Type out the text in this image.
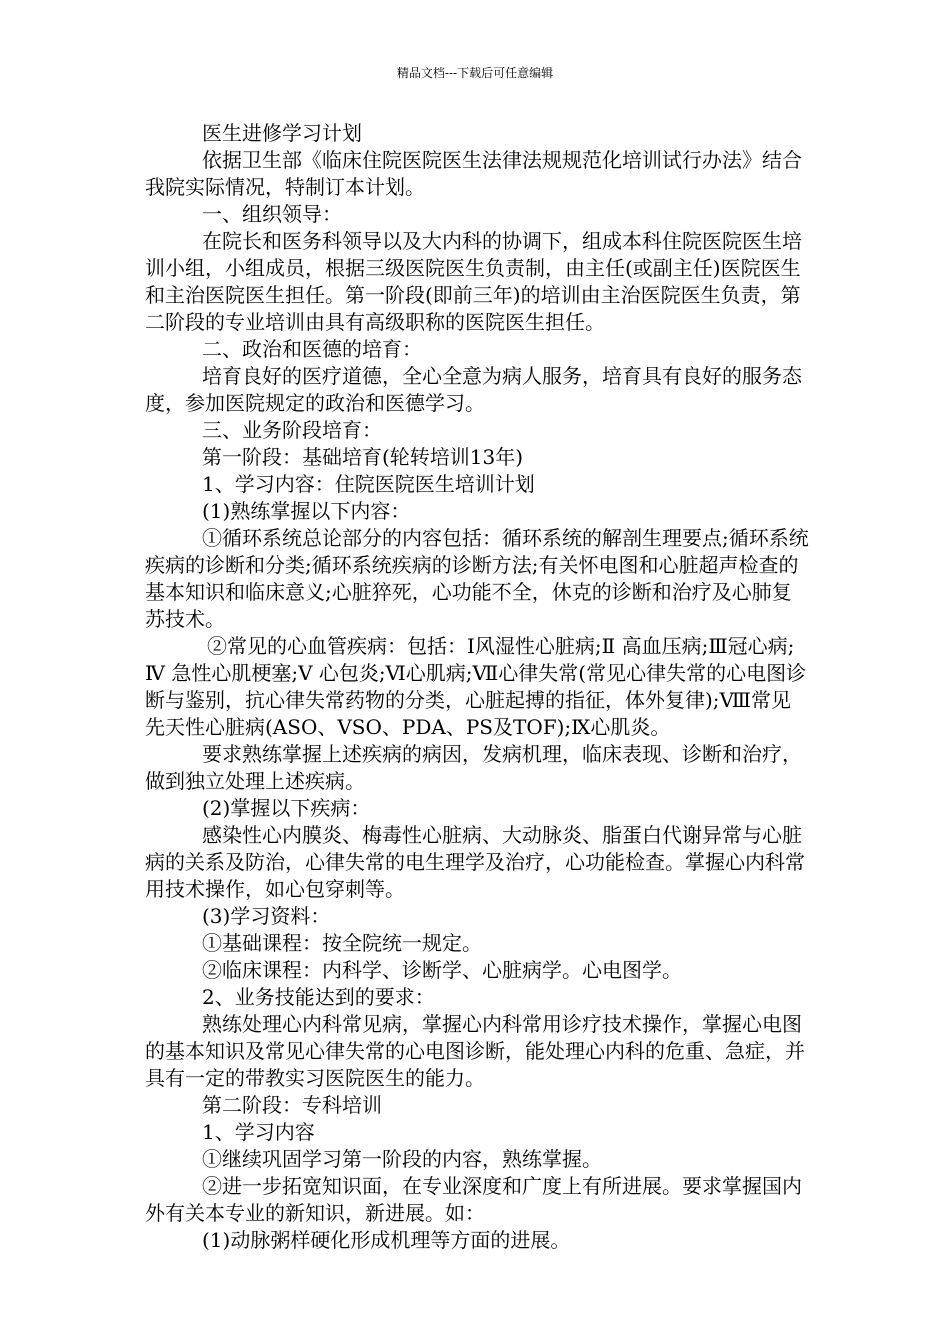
精品文档---下载后可任意编辑

医生进修学习计划

依据卫生部《临床住院医院医生法律法规规范化培训试行办法》结合我院实际情况，特制订本计划。

一、组织领导：

在院长和医务科领导以及大内科的协调下，组成本科住院医院医生培训小组，小组成员，根据三级医院医生负责制，由主任(或副主任)医院医生和主治医院医生担任。第一阶段(即前三年)的培训由主治医院医生负责，第二阶段的专业培训由具有高级职称的医院医生担任。

二、政治和医德的培育：

培育良好的医疗道德，全心全意为病人服务，培育具有良好的服务态度，参加医院规定的政治和医德学习。

三、业务阶段培育：

第一阶段：基础培育(轮转培训13年)

1、学习内容：住院医院医生培训计划

(1)熟练掌握以下内容：

①循环系统总论部分的内容包括：循环系统的解剖生理要点;循环系统疾病的诊断和分类;循环系统疾病的诊断方法;有关怀电图和心脏超声检查的基本知识和临床意义;心脏猝死，心功能不全，休克的诊断和治疗及心肺复苏技术。

②常见的心血管疾病：包括：Ⅰ风湿性心脏病;Ⅱ 高血压病;Ⅲ冠心病;Ⅳ 急性心肌梗塞;Ⅴ 心包炎;Ⅵ心肌病;Ⅶ心律失常(常见心律失常的心电图诊断与鉴别，抗心律失常药物的分类，心脏起搏的指征，体外复律);Ⅷ常见先天性心脏病(ASO、VSO、PDA、PS及TOF);Ⅸ心肌炎。

要求熟练掌握上述疾病的病因，发病机理，临床表现、诊断和治疗，做到独立处理上述疾病。

(2)掌握以下疾病：

感染性心内膜炎、梅毒性心脏病、大动脉炎、脂蛋白代谢异常与心脏病的关系及防治，心律失常的电生理学及治疗，心功能检查。掌握心内科常用技术操作，如心包穿刺等。

(3)学习资料：

①基础课程：按全院统一规定。

②临床课程：内科学、诊断学、心脏病学。心电图学。

2、业务技能达到的要求：

熟练处理心内科常见病，掌握心内科常用诊疗技术操作，掌握心电图的基本知识及常见心律失常的心电图诊断，能处理心内科的危重、急症，并具有一定的带教实习医院医生的能力。

第二阶段：专科培训

1、学习内容

①继续巩固学习第一阶段的内容，熟练掌握。

②进一步拓宽知识面，在专业深度和广度上有所进展。要求掌握国内外有关本专业的新知识，新进展。如：

(1)动脉粥样硬化形成机理等方面的进展。
